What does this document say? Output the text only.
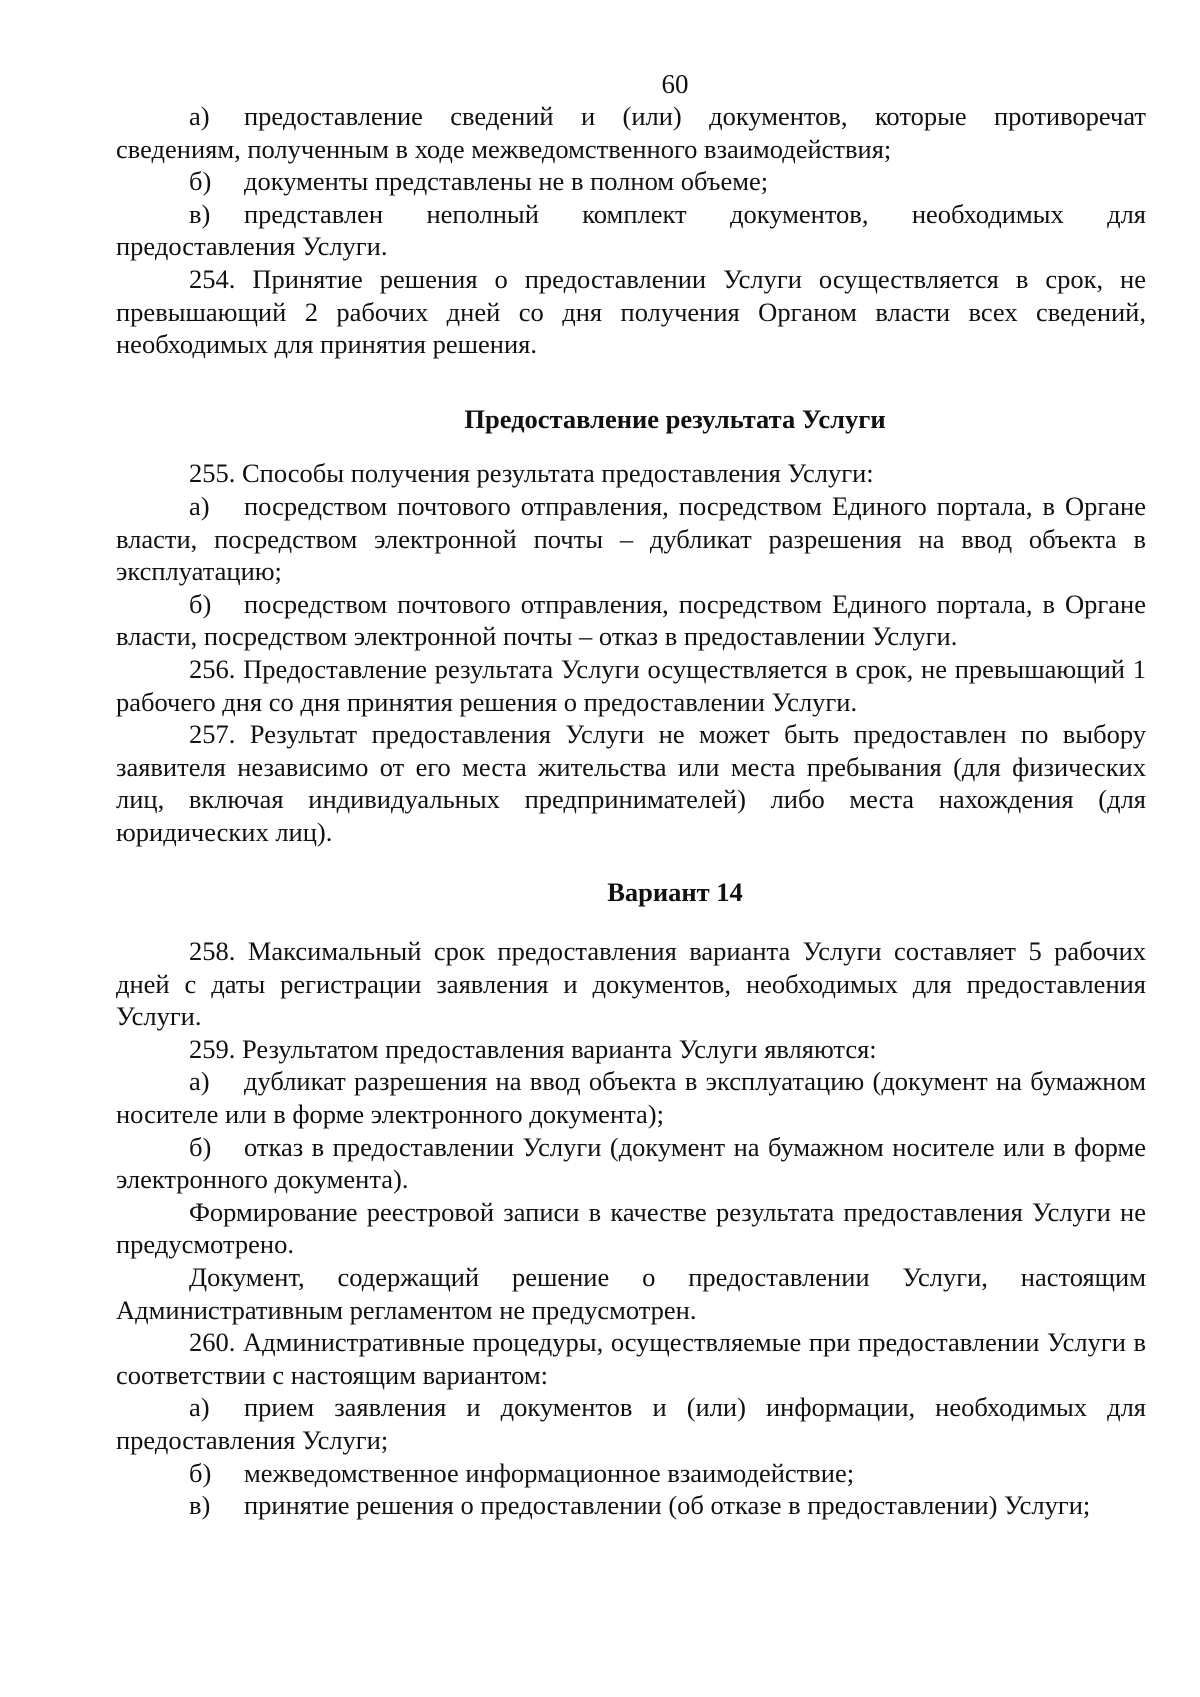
60

а) предоставление сведений и (или) документов, которые противоречат сведениям, полученным в ходе межведомственного взаимодействия;

б) документы представлены не в полном объеме;

в) представлен неполный комплект документов, необходимых для предоставления Услуги.

254. Принятие решения о предоставлении Услуги осуществляется в срок, не превышающий 2 рабочих дней со дня получения Органом власти всех сведений, необходимых для принятия решения.

Предоставление результата Услуги

255. Способы получения результата предоставления Услуги:

а) посредством почтового отправления, посредством Единого портала, в Органе власти, посредством электронной почты – дубликат разрешения на ввод объекта в эксплуатацию;

б) посредством почтового отправления, посредством Единого портала, в Органе власти, посредством электронной почты – отказ в предоставлении Услуги.

256. Предоставление результата Услуги осуществляется в срок, не превышающий 1 рабочего дня со дня принятия решения о предоставлении Услуги.

257. Результат предоставления Услуги не может быть предоставлен по выбору заявителя независимо от его места жительства или места пребывания (для физических лиц, включая индивидуальных предпринимателей) либо места нахождения (для юридических лиц).

Вариант 14

258. Максимальный срок предоставления варианта Услуги составляет 5 рабочих дней с даты регистрации заявления и документов, необходимых для предоставления Услуги.

259. Результатом предоставления варианта Услуги являются:

а) дубликат разрешения на ввод объекта в эксплуатацию (документ на бумажном носителе или в форме электронного документа);

б) отказ в предоставлении Услуги (документ на бумажном носителе или в форме электронного документа).

Формирование реестровой записи в качестве результата предоставления Услуги не предусмотрено.

Документ, содержащий решение о предоставлении Услуги, настоящим Административным регламентом не предусмотрен.

260. Административные процедуры, осуществляемые при предоставлении Услуги в соответствии с настоящим вариантом:

а) прием заявления и документов и (или) информации, необходимых для предоставления Услуги;

б) межведомственное информационное взаимодействие;

в) принятие решения о предоставлении (об отказе в предоставлении) Услуги;
